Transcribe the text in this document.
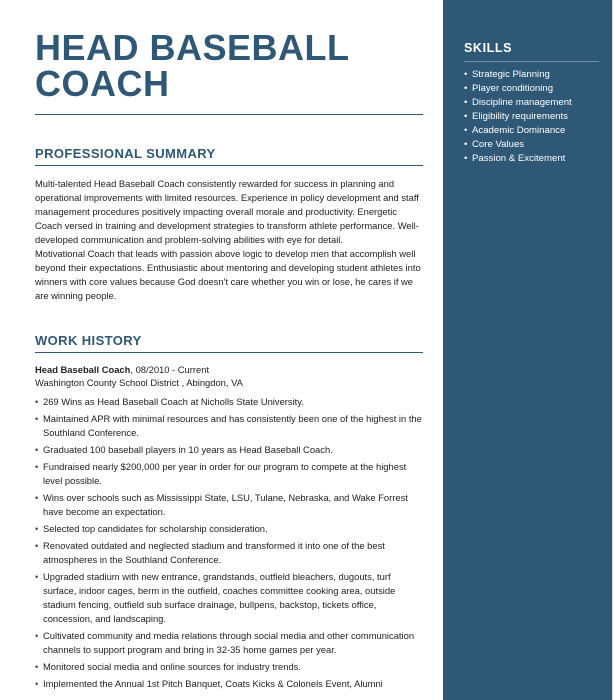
HEAD BASEBALL
COACH
PROFESSIONAL SUMMARY

Multi-talented Head Baseball Coach consistently rewarded for success in planning and operational improvements with limited resources. Experience in policy development and staff management procedures positively impacting overall morale and productivity. Energetic Coach versed in training and development strategies to transform athlete performance. Well-developed communication and problem-solving abilities with eye for detail.
Motivational Coach that leads with passion above logic to develop men that accomplish well beyond their expectations. Enthusiastic about mentoring and developing student athletes into winners with core values because God doesn't care whether you win or lose, he cares if we are winning people.

WORK HISTORY
Head Baseball Coach, 08/2010 - Current
Washington County School District , Abingdon, VA
• 269 Wins as Head Baseball Coach at Nicholls State University.
• Maintained APR with minimal resources and has consistently been one of the highest in the Southland Conference.
• Graduated 100 baseball players in 10 years as Head Baseball Coach.
• Fundraised nearly $200,000 per year in order for our program to compete at the highest level possible.
• Wins over schools such as Mississippi State, LSU, Tulane, Nebraska, and Wake Forrest have become an expectation.
• Selected top candidates for scholarship consideration.
• Renovated outdated and neglected stadium and transformed it into one of the best atmospheres in the Southland Conference.
• Upgraded stadium with new entrance, grandstands, outfield bleachers, dugouts, turf surface, indoor cages, berm in the outfield, coaches committee cooking area, outside stadium fencing, outfield sub surface drainage, bullpens, backstop, tickets office, concession, and landscaping.
• Cultivated community and media relations through social media and other communication channels to support program and bring in 32-35 home games per year.
• Monitored social media and online sources for industry trends.
• Implemented the Annual 1st Pitch Banquet, Coats Kicks & Colonels Event, Alumni
SKILLS
• Strategic Planning
• Player conditioning
• Discipline management
• Eligibility requirements
• Academic Dominance
• Core Values
• Passion & Excitement
